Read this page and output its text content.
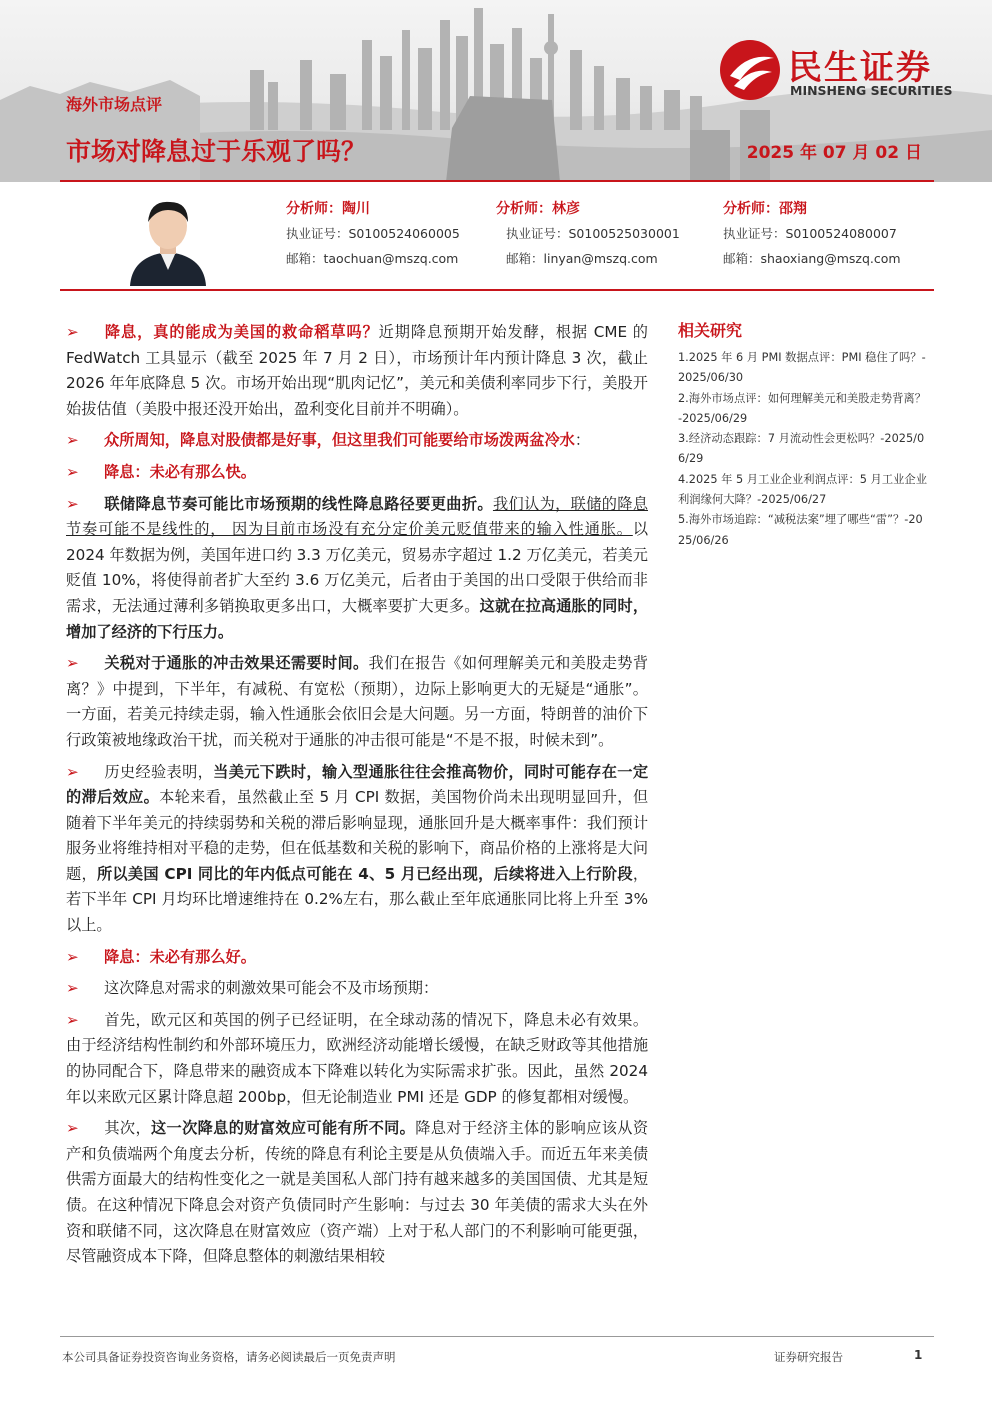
海外市场点评
市场对降息过于乐观了吗？	2025 年 07 月 02 日
民生证券
MINSHENG SECURITIES
分析师：陶川
执业证号：S0100524060005
邮箱：taochuan@mszq.com
分析师：林彦
执业证号：S0100525030001
邮箱：linyan@mszq.com
分析师：邵翔
执业证号：S0100524080007
邮箱：shaoxiang@mszq.com

➢ 降息，真的能成为美国的救命稻草吗？近期降息预期开始发酵，根据 CME 的 FedWatch 工具显示（截至 2025 年 7 月 2 日），市场预计年内预计降息 3 次，截止 2026 年年底降息 5 次。市场开始出现“肌肉记忆”，美元和美债利率同步下行，美股开始拔估值（美股中报还没开始出，盈利变化目前并不明确）。

➢ 众所周知，降息对股债都是好事，但这里我们可能要给市场泼两盆冷水：

➢ 降息：未必有那么快。

➢ 联储降息节奏可能比市场预期的线性降息路径要更曲折。我们认为，联储的降息节奏可能不是线性的， 因为目前市场没有充分定价美元贬值带来的输入性通胀。以 2024 年数据为例，美国年进口约 3.3 万亿美元，贸易赤字超过 1.2 万亿美元，若美元贬值 10%，将使得前者扩大至约 3.6 万亿美元，后者由于美国的出口受限于供给而非需求，无法通过薄利多销换取更多出口，大概率要扩大更多。这就在拉高通胀的同时，增加了经济的下行压力。

➢ 关税对于通胀的冲击效果还需要时间。我们在报告《如何理解美元和美股走势背离？》中提到，下半年，有减税、有宽松（预期），边际上影响更大的无疑是“通胀”。一方面，若美元持续走弱，输入性通胀会依旧会是大问题。另一方面，特朗普的油价下行政策被地缘政治干扰，而关税对于通胀的冲击很可能是“不是不报，时候未到”。

➢ 历史经验表明，当美元下跌时，输入型通胀往往会推高物价，同时可能存在一定的滞后效应。本轮来看，虽然截止至 5 月 CPI 数据，美国物价尚未出现明显回升，但随着下半年美元的持续弱势和关税的滞后影响显现，通胀回升是大概率事件：我们预计服务业将维持相对平稳的走势，但在低基数和关税的影响下，商品价格的上涨将是大问题，所以美国 CPI 同比的年内低点可能在 4、5 月已经出现，后续将进入上行阶段，若下半年 CPI 月均环比增速维持在 0.2%左右，那么截止至年底通胀同比将上升至 3%以上。

➢ 降息：未必有那么好。

➢ 这次降息对需求的刺激效果可能会不及市场预期：

➢ 首先，欧元区和英国的例子已经证明，在全球动荡的情况下，降息未必有效果。由于经济结构性制约和外部环境压力，欧洲经济动能增长缓慢，在缺乏财政等其他措施的协同配合下，降息带来的融资成本下降难以转化为实际需求扩张。因此，虽然 2024 年以来欧元区累计降息超 200bp，但无论制造业 PMI 还是 GDP 的修复都相对缓慢。

➢ 其次，这一次降息的财富效应可能有所不同。降息对于经济主体的影响应该从资产和负债端两个角度去分析，传统的降息有利论主要是从负债端入手。而近五年来美债供需方面最大的结构性变化之一就是美国私人部门持有越来越多的美国国债、尤其是短债。在这种情况下降息会对资产负债同时产生影响：与过去 30 年美债的需求大头在外资和联储不同，这次降息在财富效应（资产端）上对于私人部门的不利影响可能更强，尽管融资成本下降，但降息整体的刺激结果相较

相关研究
1.2025 年 6 月 PMI 数据点评：PMI 稳住了吗？-2025/06/30
2.海外市场点评：如何理解美元和美股走势背离？-2025/06/29
3.经济动态跟踪：7 月流动性会更松吗？-2025/06/29
4.2025 年 5 月工业企业利润点评：5 月工业企业利润缘何大降？-2025/06/27
5.海外市场追踪：“减税法案”埋了哪些“雷”？-2025/06/26
本公司具备证券投资咨询业务资格，请务必阅读最后一页免责声明	证券研究报告	1
